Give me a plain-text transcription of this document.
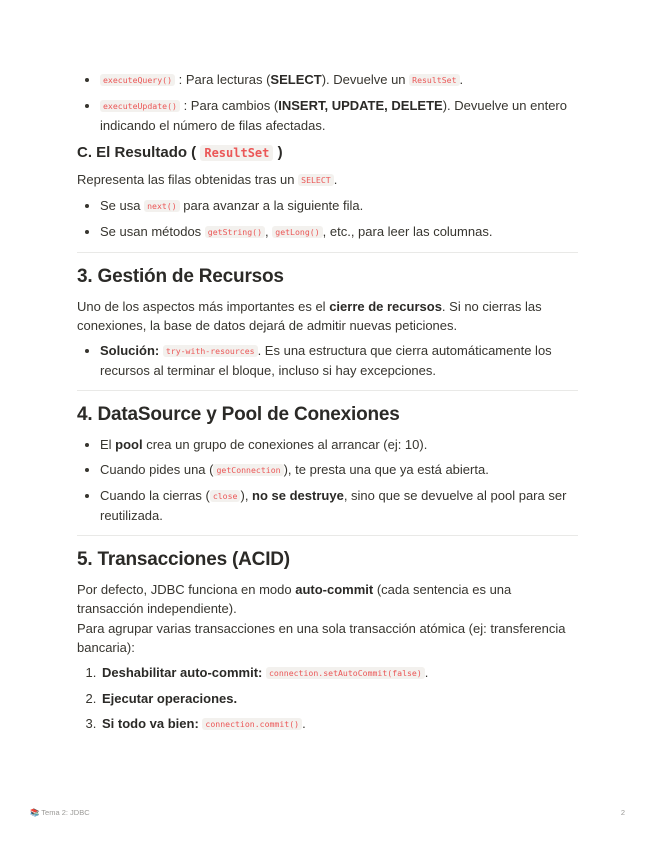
• executeQuery() : Para lecturas (SELECT). Devuelve un ResultSet .
• executeUpdate() : Para cambios (INSERT, UPDATE, DELETE). Devuelve un entero indicando el número de filas afectadas.
C. El Resultado ( ResultSet )

Representa las filas obtenidas tras un SELECT .

• Se usa next() para avanzar a la siguiente fila.
• Se usan métodos getString() , getLong() , etc., para leer las columnas.
3. Gestión de Recursos

Uno de los aspectos más importantes es el cierre de recursos. Si no cierras las conexiones, la base de datos dejará de admitir nuevas peticiones.

• Solución: try-with-resources . Es una estructura que cierra automáticamente los recursos al terminar el bloque, incluso si hay excepciones.
4. DataSource y Pool de Conexiones
• El pool crea un grupo de conexiones al arrancar (ej: 10).
• Cuando pides una ( getConnection ), te presta una que ya está abierta.
• Cuando la cierras ( close ), no se destruye, sino que se devuelve al pool para ser reutilizada.
5. Transacciones (ACID)

Por defecto, JDBC funciona en modo auto-commit (cada sentencia es una transacción independiente).

Para agrupar varias transacciones en una sola transacción atómica (ej: transferencia bancaria):

1. Deshabilitar auto-commit: connection.setAutoCommit(false) .
2. Ejecutar operaciones.
3. Si todo va bien: connection.commit() .
📚 Tema 2: JDBC	2
